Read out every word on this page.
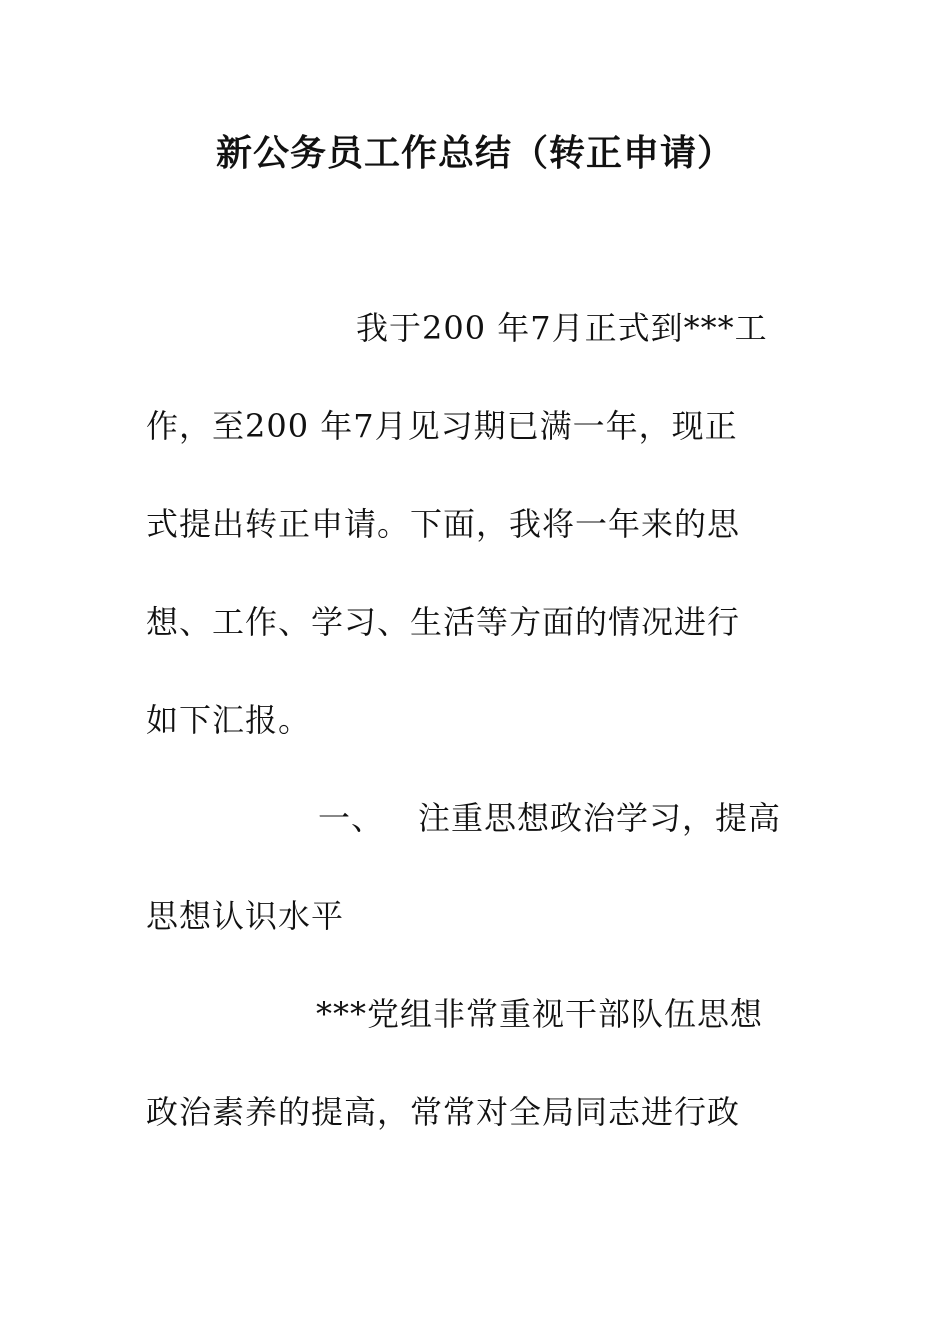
新公务员工作总结（转正申请）

我于200 年7月正式到***工

作，至200 年7月见习期已满一年，现正

式提出转正申请。下面，我将一年来的思

想、工作、学习、生活等方面的情况进行

如下汇报。

一、 注重思想政治学习，提高

思想认识水平

***党组非常重视干部队伍思想

政治素养的提高，常常对全局同志进行政
